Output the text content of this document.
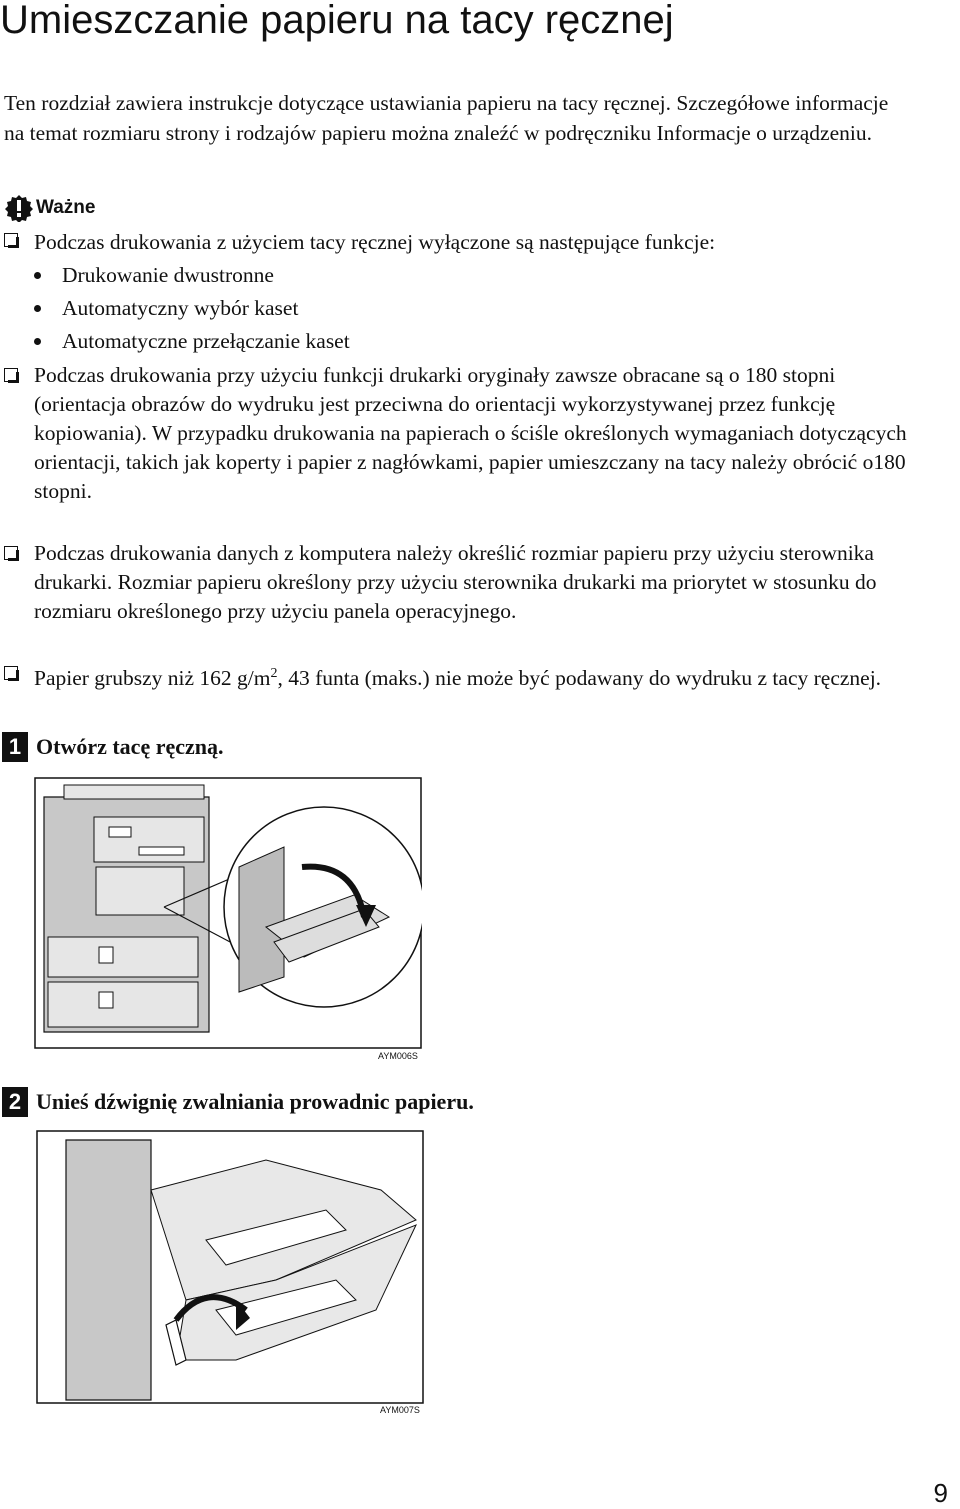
Umieszczanie papieru na tacy ręcznej

Ten rozdział zawiera instrukcje dotyczące ustawiania papieru na tacy ręcznej. Szczegółowe informacje na temat rozmiaru strony i rodzajów papieru można znaleźć w podręczniku Informacje o urządzeniu.

Ważne
Podczas drukowania z użyciem tacy ręcznej wyłączone są następujące funkcje:
Drukowanie dwustronne
Automatyczny wybór kaset
Automatyczne przełączanie kaset
Podczas drukowania przy użyciu funkcji drukarki oryginały zawsze obracane są o 180 stopni (orientacja obrazów do wydruku jest przeciwna do orientacji wykorzystywanej przez funkcję kopiowania). W przypadku drukowania na papierach o ściśle określonych wymaganiach dotyczących orientacji, takich jak koperty i papier z nagłówkami, papier umieszczany na tacy należy obrócić o180 stopni.
Podczas drukowania danych z komputera należy określić rozmiar papieru przy użyciu sterownika drukarki. Rozmiar papieru określony przy użyciu sterownika drukarki ma priorytet w stosunku do rozmiaru określonego przy użyciu panela operacyjnego.
Papier grubszy niż 162 $g/m^2$, 43 funta (maks.) nie może być podawany do wydruku z tacy ręcznej.
1 Otwórz tacę ręczną.
AYM006S
2 Unieś dźwignię zwalniania prowadnic papieru.
AYM007S
9
